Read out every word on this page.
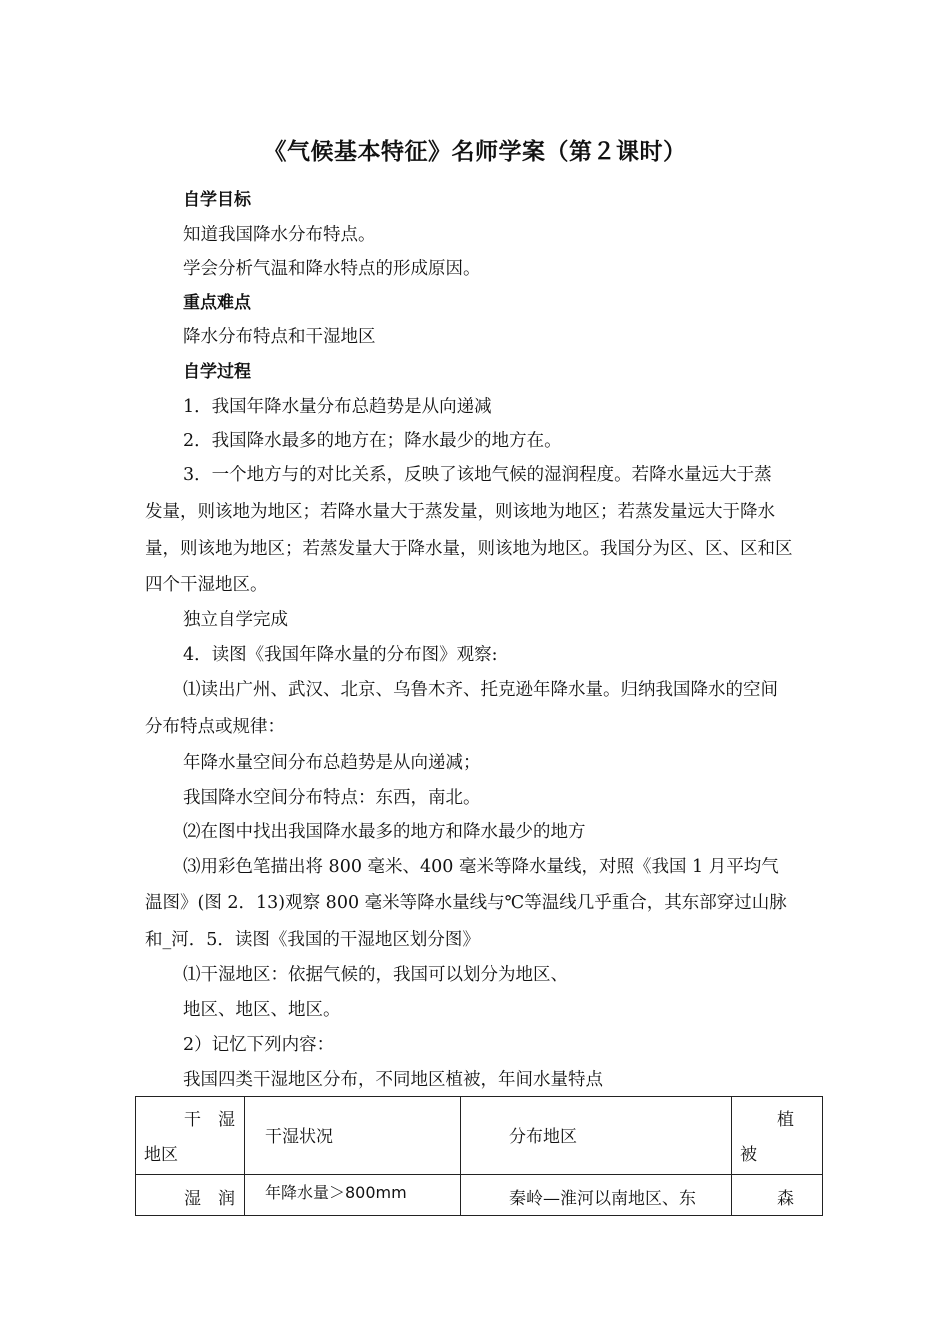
《气候基本特征》名师学案（第２课时）
自学目标
知道我国降水分布特点。
学会分析气温和降水特点的形成原因。
重点难点
降水分布特点和干湿地区
自学过程
1．我国年降水量分布总趋势是从向递减
2．我国降水最多的地方在；降水最少的地方在。
3．一个地方与的对比关系，反映了该地气候的湿润程度。若降水量远大于蒸
发量，则该地为地区；若降水量大于蒸发量，则该地为地区；若蒸发量远大于降水
量，则该地为地区；若蒸发量大于降水量，则该地为地区。我国分为区、区、区和区
四个干湿地区。
独立自学完成
4．读图《我国年降水量的分布图》观察:
⑴读出广州、武汉、北京、乌鲁木齐、托克逊年降水量。归纳我国降水的空间
分布特点或规律：
年降水量空间分布总趋势是从向递减；
我国降水空间分布特点：东西，南北。
⑵在图中找出我国降水最多的地方和降水最少的地方
⑶用彩色笔描出将 800 毫米、400 毫米等降水量线，对照《我国 1 月平均气
温图》(图 2．13)观察 800 毫米等降水量线与℃等温线几乎重合，其东部穿过山脉
和_河．5．读图《我国的干湿地区划分图》
⑴干湿地区：依据气候的，我国可以划分为地区、
地区、地区、地区。
2）记忆下列内容：
我国四类干湿地区分布，不同地区植被，年间水量特点
干　湿
地区	干湿状况	分布地区	植
被

湿　润	年降水量＞800mm	秦岭—淮河以南地区、东	森
